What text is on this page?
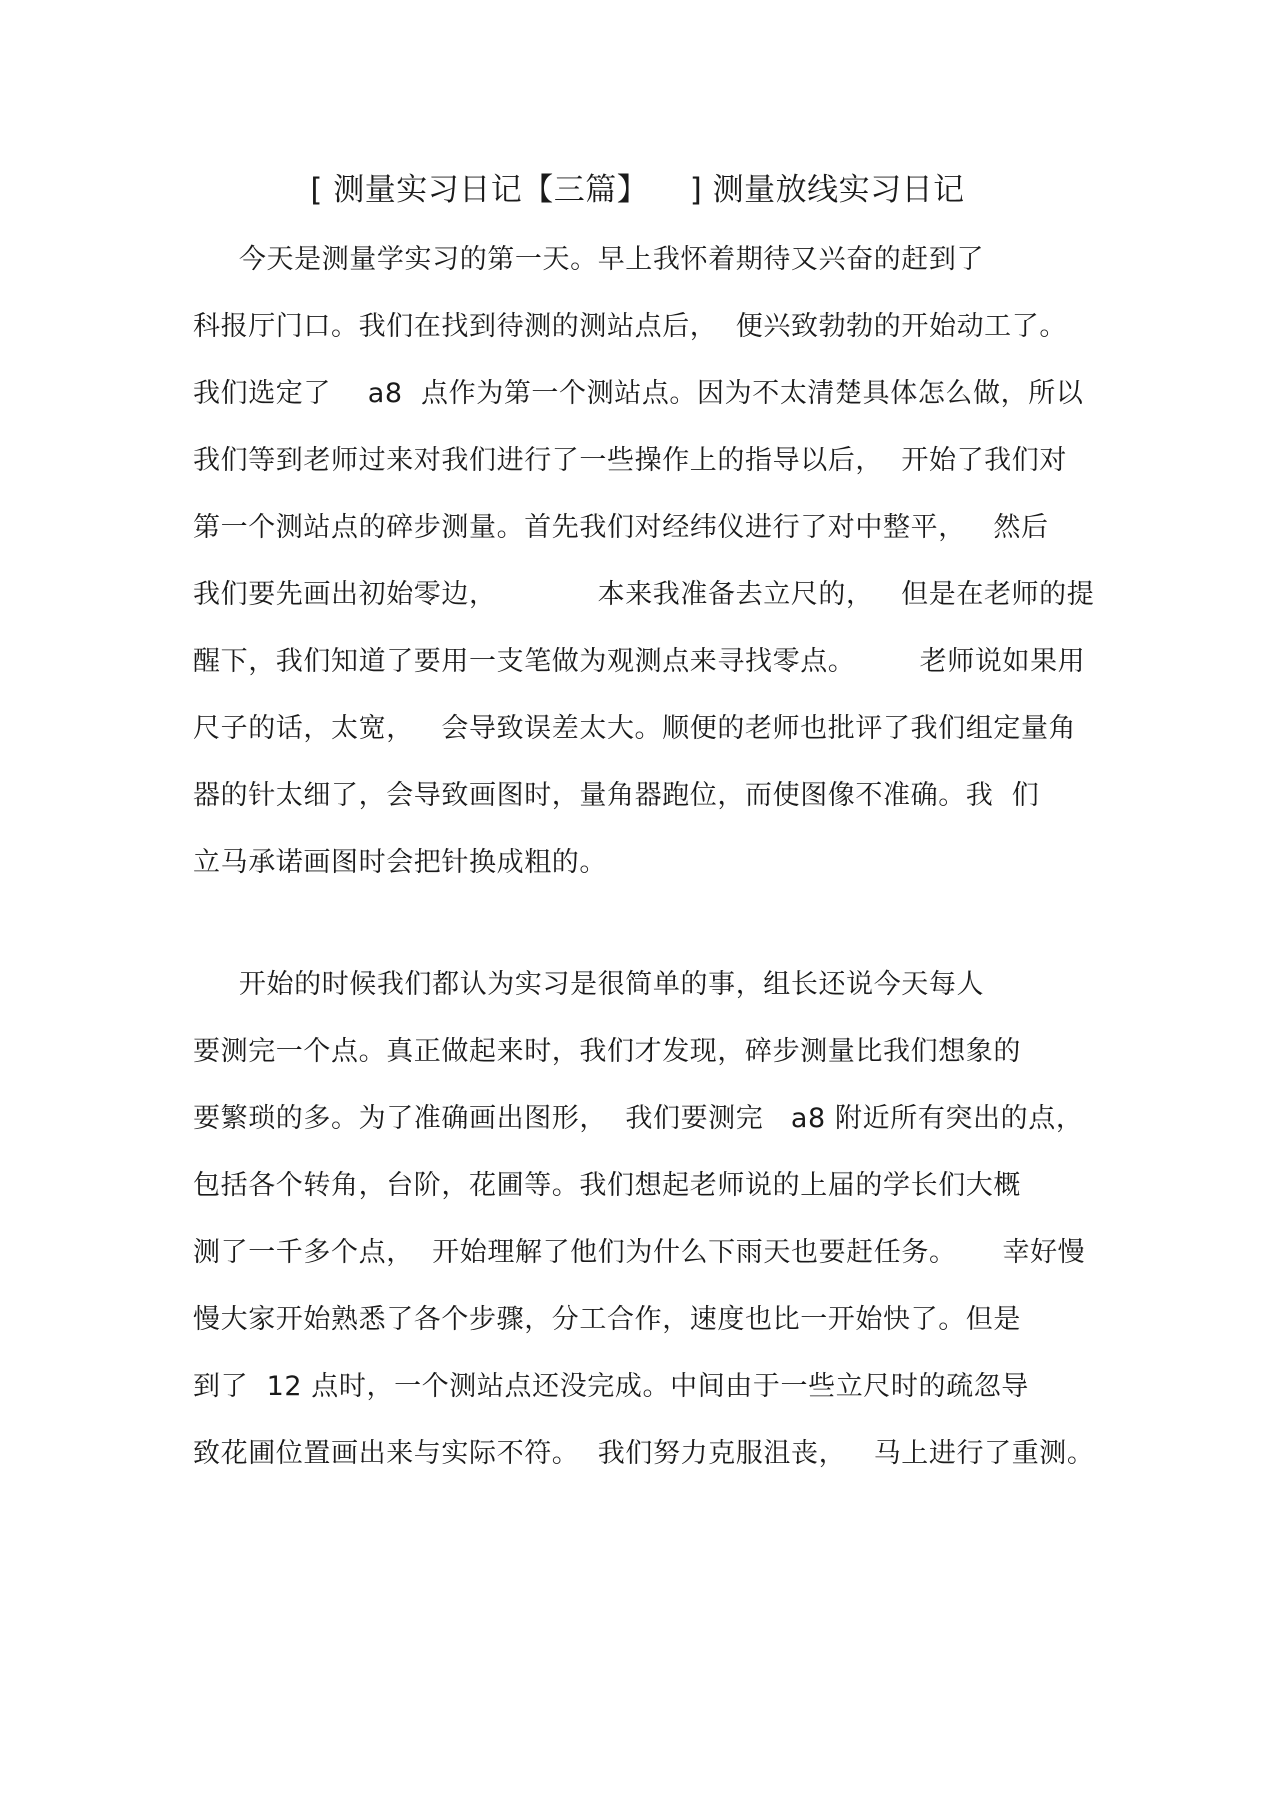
[ 测量实习日记【三篇】    ] 测量放线实习日记
今天是测量学实习的第一天。早上我怀着期待又兴奋的赶到了
科报厅门口。我们在找到待测的测站点后，  便兴致勃勃的开始动工了。
我们选定了    a8  点作为第一个测站点。因为不太清楚具体怎么做，所以
我们等到老师过来对我们进行了一些操作上的指导以后，  开始了我们对
第一个测站点的碎步测量。首先我们对经纬仪进行了对中整平，   然后
我们要先画出初始零边，           本来我准备去立尺的，   但是在老师的提
醒下，我们知道了要用一支笔做为观测点来寻找零点。       老师说如果用
尺子的话，太宽，   会导致误差太大。顺便的老师也批评了我们组定量角
器的针太细了，会导致画图时，量角器跑位，而使图像不准确。我  们
立马承诺画图时会把针换成粗的。
开始的时候我们都认为实习是很简单的事，组长还说今天每人
要测完一个点。真正做起来时，我们才发现，碎步测量比我们想象的
要繁琐的多。为了准确画出图形，  我们要测完   a8 附近所有突出的点，
包括各个转角，台阶，花圃等。我们想起老师说的上届的学长们大概
测了一千多个点，  开始理解了他们为什么下雨天也要赶任务。     幸好慢
慢大家开始熟悉了各个步骤，分工合作，速度也比一开始快了。但是
到了  12 点时，一个测站点还没完成。中间由于一些立尺时的疏忽导
致花圃位置画出来与实际不符。  我们努力克服沮丧，   马上进行了重测。
